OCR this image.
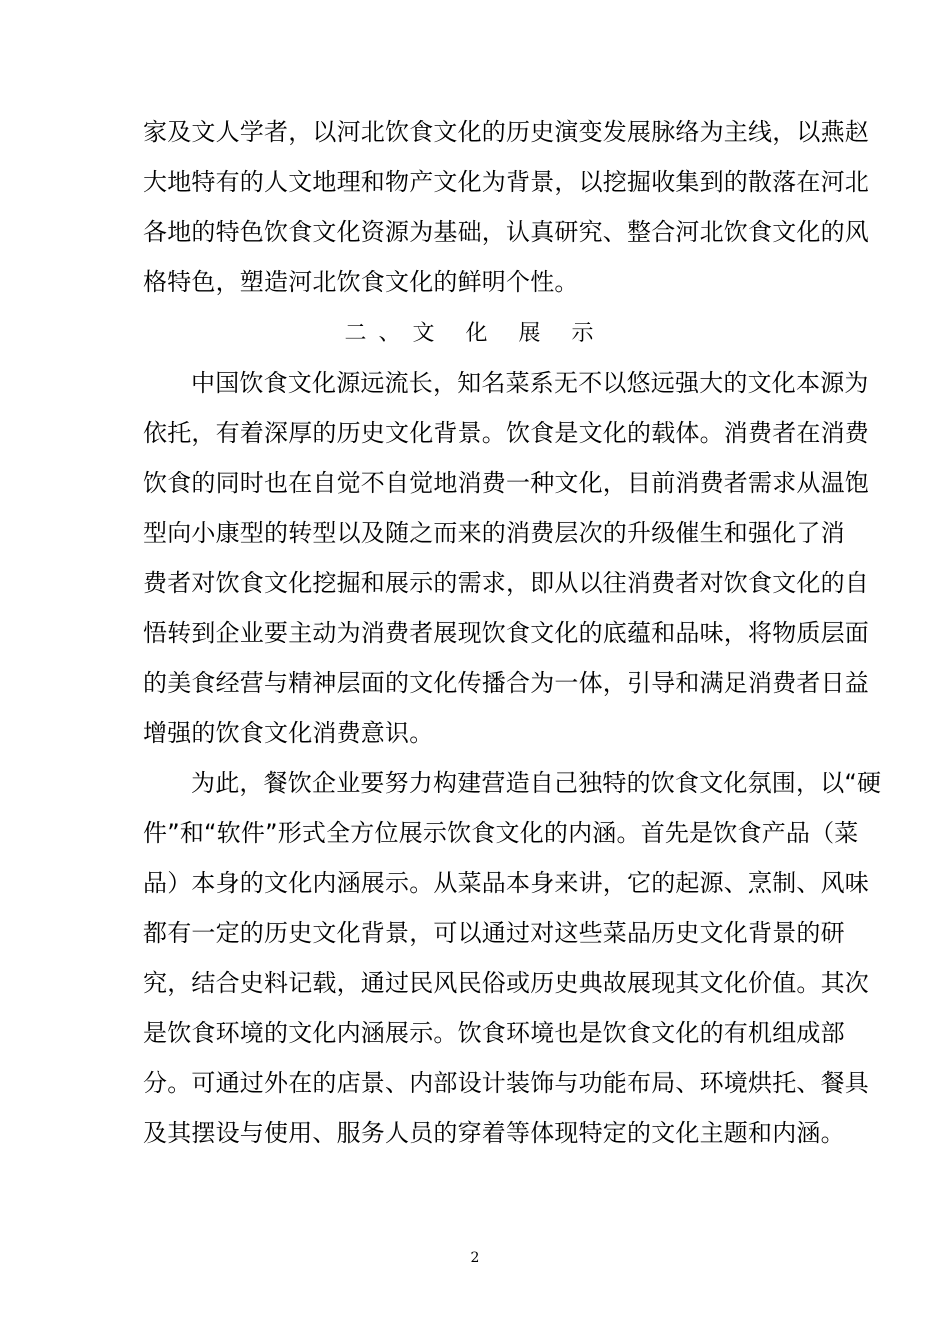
家及文人学者，以河北饮食文化的历史演变发展脉络为主线，以燕赵
大地特有的人文地理和物产文化为背景，以挖掘收集到的散落在河北
各地的特色饮食文化资源为基础，认真研究、整合河北饮食文化的风
格特色，塑造河北饮食文化的鲜明个性。
二、文 化 展 示
中国饮食文化源远流长，知名菜系无不以悠远强大的文化本源为
依托，有着深厚的历史文化背景。饮食是文化的载体。消费者在消费
饮食的同时也在自觉不自觉地消费一种文化，目前消费者需求从温饱
型向小康型的转型以及随之而来的消费层次的升级催生和强化了消
费者对饮食文化挖掘和展示的需求，即从以往消费者对饮食文化的自
悟转到企业要主动为消费者展现饮食文化的底蕴和品味，将物质层面
的美食经营与精神层面的文化传播合为一体，引导和满足消费者日益
增强的饮食文化消费意识。
为此，餐饮企业要努力构建营造自己独特的饮食文化氛围，以“硬
件”和“软件”形式全方位展示饮食文化的内涵。首先是饮食产品（菜
品）本身的文化内涵展示。从菜品本身来讲，它的起源、烹制、风味
都有一定的历史文化背景，可以通过对这些菜品历史文化背景的研
究，结合史料记载，通过民风民俗或历史典故展现其文化价值。其次
是饮食环境的文化内涵展示。饮食环境也是饮食文化的有机组成部
分。可通过外在的店景、内部设计装饰与功能布局、环境烘托、餐具
及其摆设与使用、服务人员的穿着等体现特定的文化主题和内涵。
2
